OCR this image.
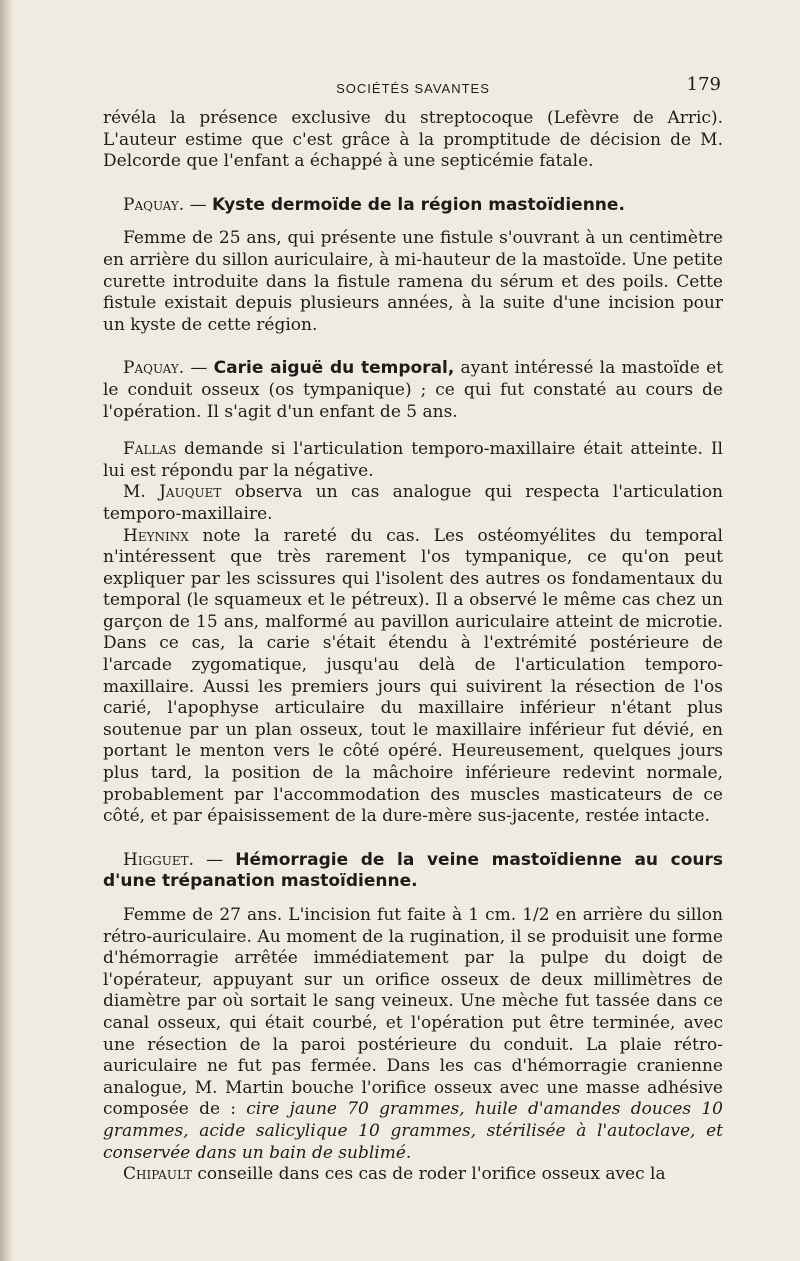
SOCIÉTÉS SAVANTES	179

révéla la présence exclusive du streptocoque (Lefèvre de Arric). L'auteur estime que c'est grâce à la promptitude de décision de M. Delcorde que l'enfant a échappé à une septicémie fatale.

Paquay. — Kyste dermoïde de la région mastoïdienne.

Femme de 25 ans, qui présente une fistule s'ouvrant à un centimètre en arrière du sillon auriculaire, à mi-hauteur de la mastoïde. Une petite curette introduite dans la fistule ramena du sérum et des poils. Cette fistule existait depuis plusieurs années, à la suite d'une incision pour un kyste de cette région.

Paquay. — Carie aiguë du temporal, ayant intéressé la mastoïde et le conduit osseux (os tympanique) ; ce qui fut constaté au cours de l'opération. Il s'agit d'un enfant de 5 ans.

Fallas demande si l'articulation temporo-maxillaire était atteinte. Il lui est répondu par la négative.

M. Jauquet observa un cas analogue qui respecta l'articulation temporo-maxillaire.

Heyninx note la rareté du cas. Les ostéomyélites du temporal n'intéressent que très rarement l'os tympanique, ce qu'on peut expliquer par les scissures qui l'isolent des autres os fondamentaux du temporal (le squameux et le pétreux). Il a observé le même cas chez un garçon de 15 ans, malformé au pavillon auriculaire atteint de microtie. Dans ce cas, la carie s'était étendu à l'extrémité postérieure de l'arcade zygomatique, jusqu'au delà de l'articulation temporo-maxillaire. Aussi les premiers jours qui suivirent la résection de l'os carié, l'apophyse articulaire du maxillaire inférieur n'étant plus soutenue par un plan osseux, tout le maxillaire inférieur fut dévié, en portant le menton vers le côté opéré. Heureusement, quelques jours plus tard, la position de la mâchoire inférieure redevint normale, probablement par l'accommodation des muscles masticateurs de ce côté, et par épaisissement de la dure-mère sus-jacente, restée intacte.

Higguet. — Hémorragie de la veine mastoïdienne au cours d'une trépanation mastoïdienne.

Femme de 27 ans. L'incision fut faite à 1 cm. 1/2 en arrière du sillon rétro-auriculaire. Au moment de la rugination, il se produisit une forme d'hémorragie arrêtée immédiatement par la pulpe du doigt de l'opérateur, appuyant sur un orifice osseux de deux millimètres de diamètre par où sortait le sang veineux. Une mèche fut tassée dans ce canal osseux, qui était courbé, et l'opération put être terminée, avec une résection de la paroi postérieure du conduit. La plaie rétro-auriculaire ne fut pas fermée. Dans les cas d'hémorragie cranienne analogue, M. Martin bouche l'orifice osseux avec une masse adhésive composée de : cire jaune 70 grammes, huile d'amandes douces 10 grammes, acide salicylique 10 grammes, stérilisée à l'autoclave, et conservée dans un bain de sublimé.

Chipault conseille dans ces cas de roder l'orifice osseux avec la
